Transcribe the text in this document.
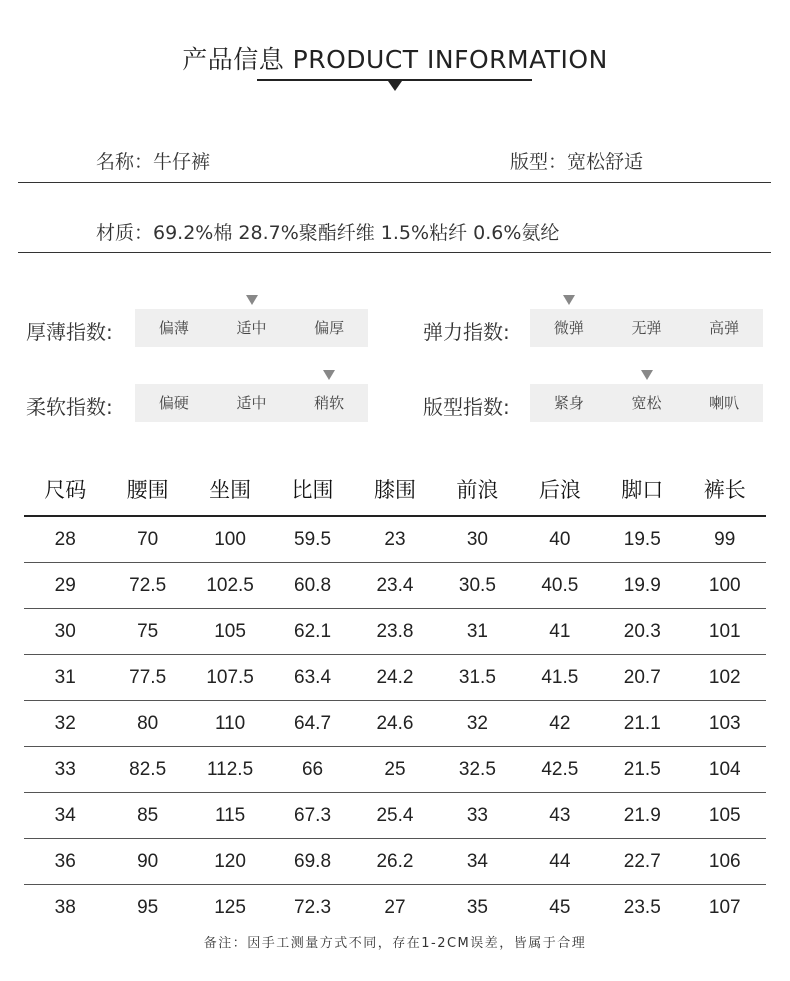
产品信息 PRODUCT INFORMATION
名称：牛仔裤	版型：宽松舒适
材质：69.2%棉 28.7%聚酯纤维 1.5%粘纤 0.6%氨纶
厚薄指数:	偏薄	适中	偏厚	弹力指数:	微弹	无弹	高弹
柔软指数:	偏硬	适中	稍软	版型指数:	紧身	宽松	喇叭
尺码	腰围	坐围	比围	膝围	前浪	后浪	脚口	裤长
28	70	100	59.5	23	30	40	19.5	99
29	72.5	102.5	60.8	23.4	30.5	40.5	19.9	100
30	75	105	62.1	23.8	31	41	20.3	101
31	77.5	107.5	63.4	24.2	31.5	41.5	20.7	102
32	80	110	64.7	24.6	32	42	21.1	103
33	82.5	112.5	66	25	32.5	42.5	21.5	104
34	85	115	67.3	25.4	33	43	21.9	105
36	90	120	69.8	26.2	34	44	22.7	106
38	95	125	72.3	27	35	45	23.5	107
备注：因手工测量方式不同，存在1-2CM误差，皆属于合理
